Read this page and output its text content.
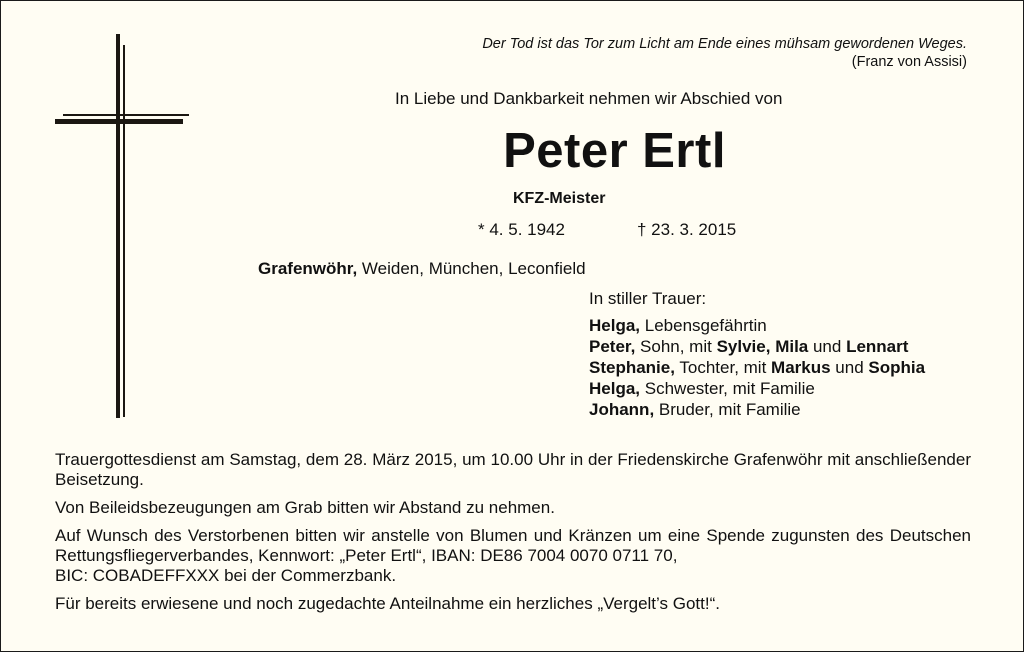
Der Tod ist das Tor zum Licht am Ende eines mühsam gewordenen Weges.
(Franz von Assisi)
In Liebe und Dankbarkeit nehmen wir Abschied von
Peter Ertl
KFZ-Meister
* 4. 5. 1942	† 23. 3. 2015
Grafenwöhr, Weiden, München, Leconfield
In stiller Trauer:
Helga, Lebensgefährtin
Peter, Sohn, mit Sylvie, Mila und Lennart
Stephanie, Tochter, mit Markus und Sophia
Helga, Schwester, mit Familie
Johann, Bruder, mit Familie

Trauergottesdienst am Samstag, dem 28. März 2015, um 10.00 Uhr in der Friedenskirche Grafenwöhr mit anschließender Beisetzung.

Von Beileidsbezeugungen am Grab bitten wir Abstand zu nehmen.

Auf Wunsch des Verstorbenen bitten wir anstelle von Blumen und Kränzen um eine Spende zugunsten des Deutschen Rettungsfliegerverbandes, Kennwort: „Peter Ertl“, IBAN: DE86 7004 0070 0711 70,
BIC: COBADEFFXXX bei der Commerzbank.

Für bereits erwiesene und noch zugedachte Anteilnahme ein herzliches „Vergelt’s Gott!“.
